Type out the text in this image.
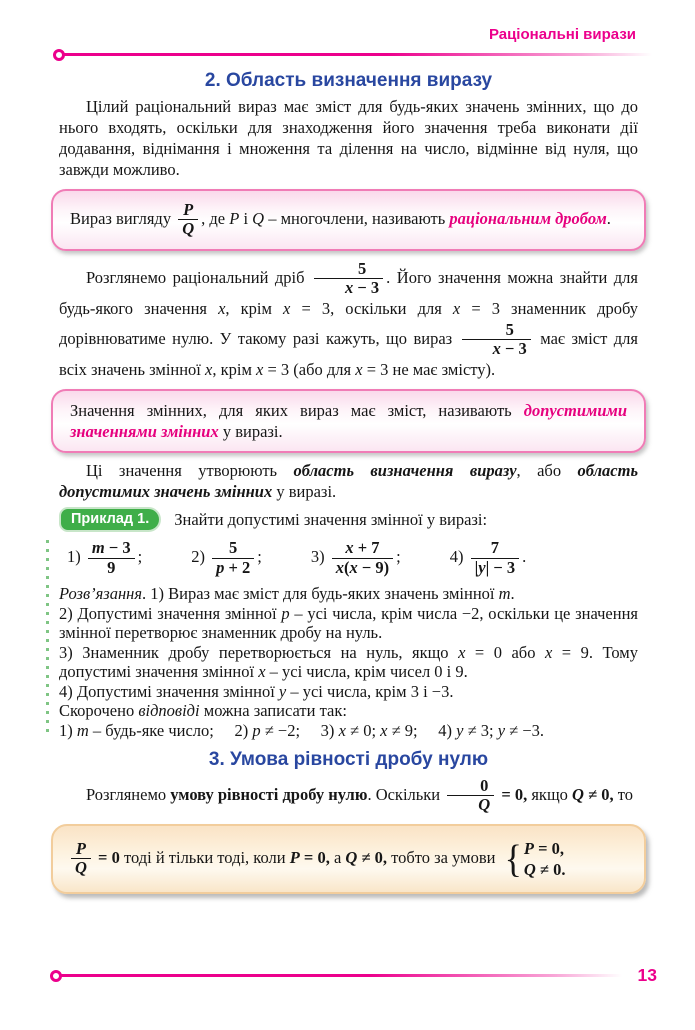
Раціональні вирази
2. Область визначення виразу

Цілий раціональний вираз має зміст для будь-яких значень змінних, що до нього входять, оскільки для знаходження його значення треба виконати дії додавання, віднімання і множення та ділення на число, відмінне від нуля, що завжди можливо.

Вираз вигляду $\frac{P}{Q}$ , де P і Q – многочлени, називають раціональним дробом.

Розглянемо раціональний дріб $\frac{5}{x - 3}$ . Його значення можна знайти для будь-якого значення x, крім x = 3, оскільки для x = 3 знаменник дробу дорівнюватиме нулю. У такому разі кажуть, що вираз $\frac{5}{x - 3}$ має зміст для всіх значень змінної x, крім x = 3 (або для x = 3 не має змісту).

Значення змінних, для яких вираз має зміст, називають допустимими значеннями змінних у виразі.

Ці значення утворюють область визначення виразу, або область допустимих значень змінних у виразі.

Приклад 1.	Знайти допустимі значення змінної у виразі:
$1) \frac{m - 3}{9}$ ;	$2) \frac{5}{p + 2}$ ;	$3) \frac{x + 7}{x(x - 9)}$ ;	$4) \frac{7}{|y| - 3}$ .

Розв’язання. 1) Вираз має зміст для будь-яких значень змінної m.

2) Допустимі значення змінної p – усі числа, крім числа −2, оскільки це значення змінної перетворює знаменник дробу на нуль.

3) Знаменник дробу перетворюється на нуль, якщо x = 0 або x = 9. Тому допустимі значення змінної x – усі числа, крім чисел 0 і 9.

4) Допустимі значення змінної y – усі числа, крім 3 і −3.

Скорочено відповіді можна записати так:

1) m – будь-яке число;  2) p ≠ −2;  3) x ≠ 0; x ≠ 9;  4) y ≠ 3; y ≠ −3.

3. Умова рівності дробу нулю

Розглянемо умову рівності дробу нулю. Оскільки $\frac{0}{Q} = 0$, якщо Q ≠ 0, то

$\frac{P}{Q} = 0$ тоді й тільки тоді, коли P = 0, а Q ≠ 0, тобто за умови { P = 0,
Q ≠ 0.
13
